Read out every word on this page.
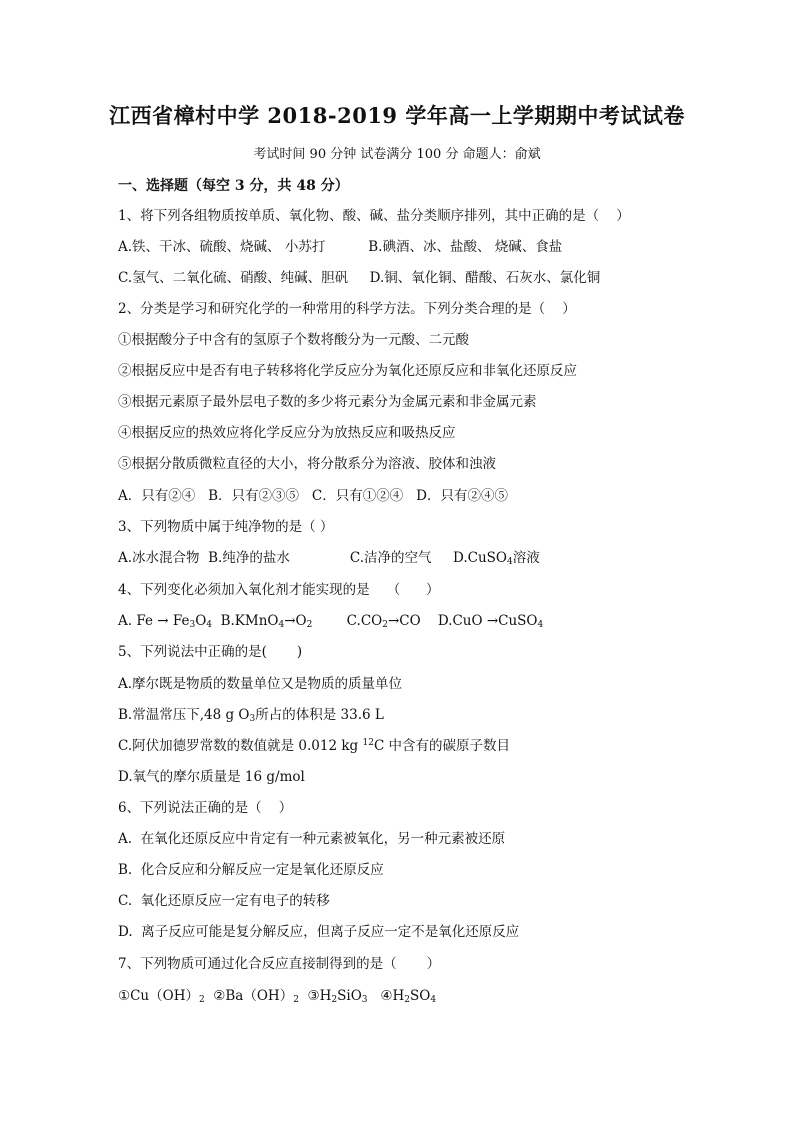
江西省樟村中学 2018-2019 学年高一上学期期中考试试卷
考试时间 90 分钟 试卷满分 100 分 命题人：俞斌
一、选择题（每空 3 分，共 48 分）
1、将下列各组物质按单质、氧化物、酸、碱、盐分类顺序排列，其中正确的是（    ）
A.铁、干冰、硫酸、烧碱、 小苏打          B.碘酒、冰、盐酸、 烧碱、食盐
C.氢气、二氧化硫、硝酸、纯碱、胆矾     D.铜、氧化铜、醋酸、石灰水、氯化铜
2、分类是学习和研究化学的一种常用的科学方法。下列分类合理的是（    ）
①根据酸分子中含有的氢原子个数将酸分为一元酸、二元酸
②根据反应中是否有电子转移将化学反应分为氧化还原反应和非氧化还原反应
③根据元素原子最外层电子数的多少将元素分为金属元素和非金属元素
④根据反应的热效应将化学反应分为放热反应和吸热反应
⑤根据分散质微粒直径的大小，将分散系分为溶液、胶体和浊液
A．只有②④   B．只有②③⑤   C．只有①②④   D．只有②④⑤
3、下列物质中属于纯净物的是（ ）
A.冰水混合物  B.纯净的盐水              C.洁净的空气     D.CuSO$_4$溶液
4、下列变化必须加入氧化剂才能实现的是    （      ）
A. $Fe \to Fe_3O_4$  $B.KMnO_4\to O_2$        $C.CO_2\to CO$    D.CuO →CuSO$_4$
5、下列说法中正确的是(       )
A.摩尔既是物质的数量单位又是物质的质量单位
B.常温常压下,48 g $O_3$所占的体积是 33.6 L
C.阿伏加德罗常数的数值就是 0.012 kg $^{12}$C 中含有的碳原子数目
D.氧气的摩尔质量是 16 g/mol
6、下列说法正确的是（    ）
A.  在氧化还原反应中肯定有一种元素被氧化，另一种元素被还原
B.  化合反应和分解反应一定是氧化还原反应
C.  氧化还原反应一定有电子的转移
D.  离子反应可能是复分解反应，但离子反应一定不是氧化还原反应
7、下列物质可通过化合反应直接制得到的是（       ）
$①Cu(OH)_2$  $②Ba(OH)_2$  $③H_2SiO_3$   $④H_2SO_4$
